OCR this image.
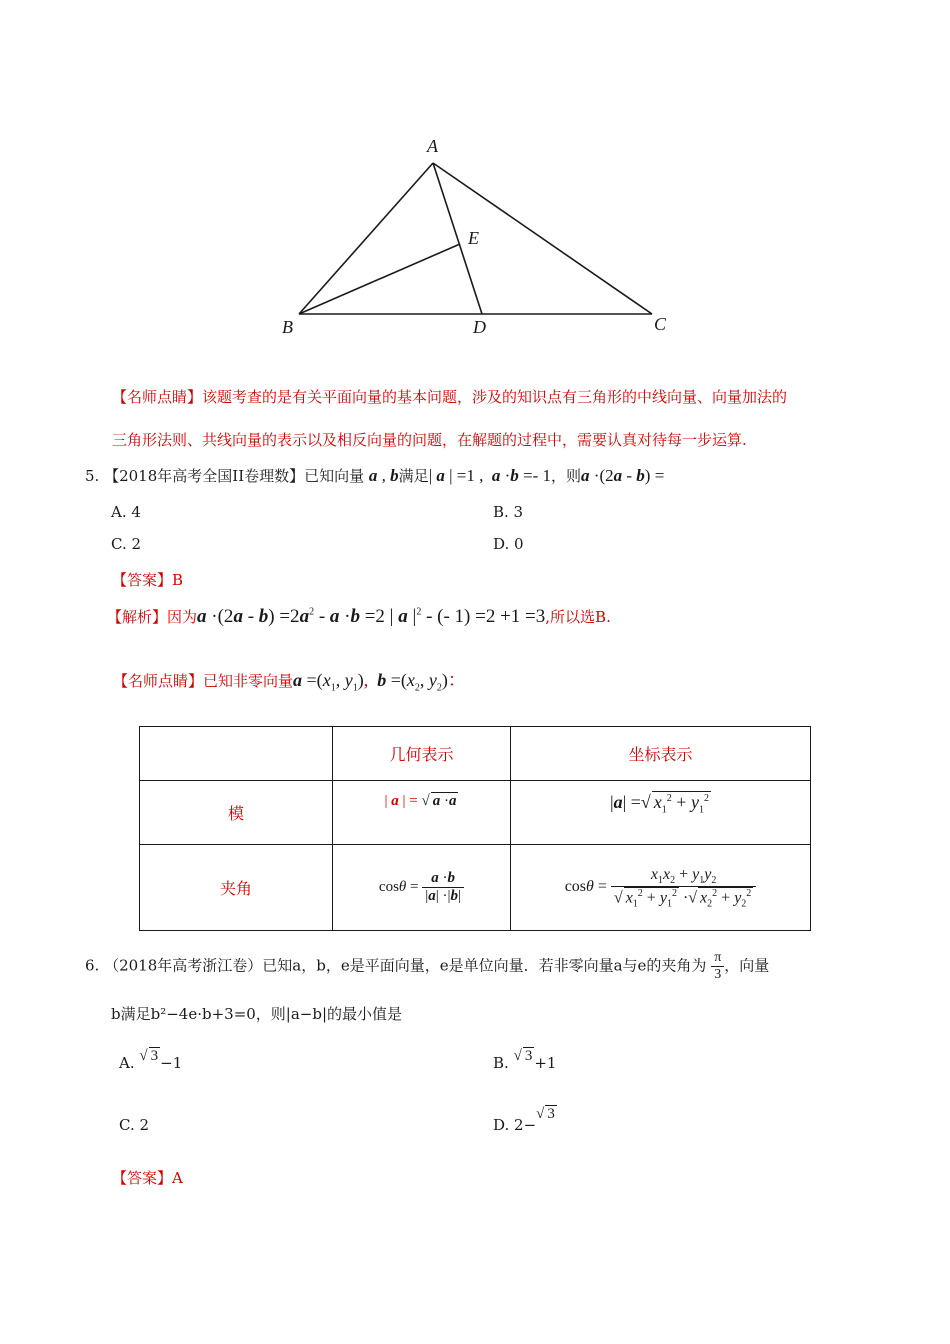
A
E
B	D	C
【名师点睛】该题考查的是有关平面向量的基本问题，涉及的知识点有三角形的中线向量、向量加法的
三角形法则、共线向量的表示以及相反向量的问题，在解题的过程中，需要认真对待每一步运算.
5. 【2018年高考全国II卷理数】已知向量 a , b满足| a | =1 ,  a ·b =- 1，则a ·(2a - b) =
A. 4	B. 3
C. 2	D. 0
【答案】B
【解析】因为$a \cdot(2a - b) =2a^2 - a \cdot b =2$ | a $|^2$ - (- 1) =2 +1 =3,所以选B.
【名师点睛】已知非零向量$a =(x_1$, $y_1$), $b =(x_2$, $y_2$)：
	几何表示	坐标表示
模	| a | = √ a ·a	|a| =√ $x_1^2 + y_1^2$
夹角	$\cos\theta = \frac{a \cdot b}{|a| \cdot|b|}$	$\cos\theta = \frac{x_1x_2 + y_1y_2}{√ x_1^2 + y_1^2 \cdot√ x_2^2 + y_2^2}$
6. （2018年高考浙江卷）已知a，b，e是平面向量，e是单位向量．若非零向量a与e的夹角为 $\frac{\pi}{3}$ ，向量
b满足b²−4e·b+3=0，则|a−b|的最小值是
A. √ 3 −1	B. √ 3 +1
C. 2	D. 2−√ 3
【答案】A
